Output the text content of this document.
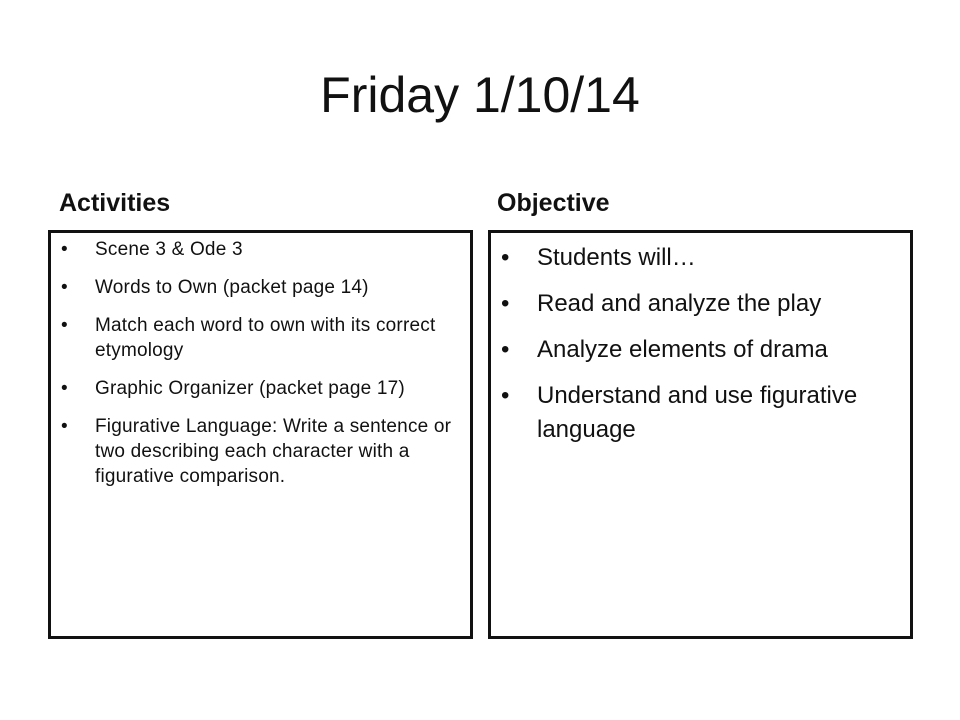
Friday 1/10/14
Activities	Objective
• Scene 3 & Ode 3
• Words to Own (packet page 14)
• Match each word to own with its correct etymology
• Graphic Organizer (packet page 17)
• Figurative Language: Write a sentence or two describing each character with a figurative comparison.
• Students will…
• Read and analyze the play
• Analyze elements of drama
• Understand and use figurative language
